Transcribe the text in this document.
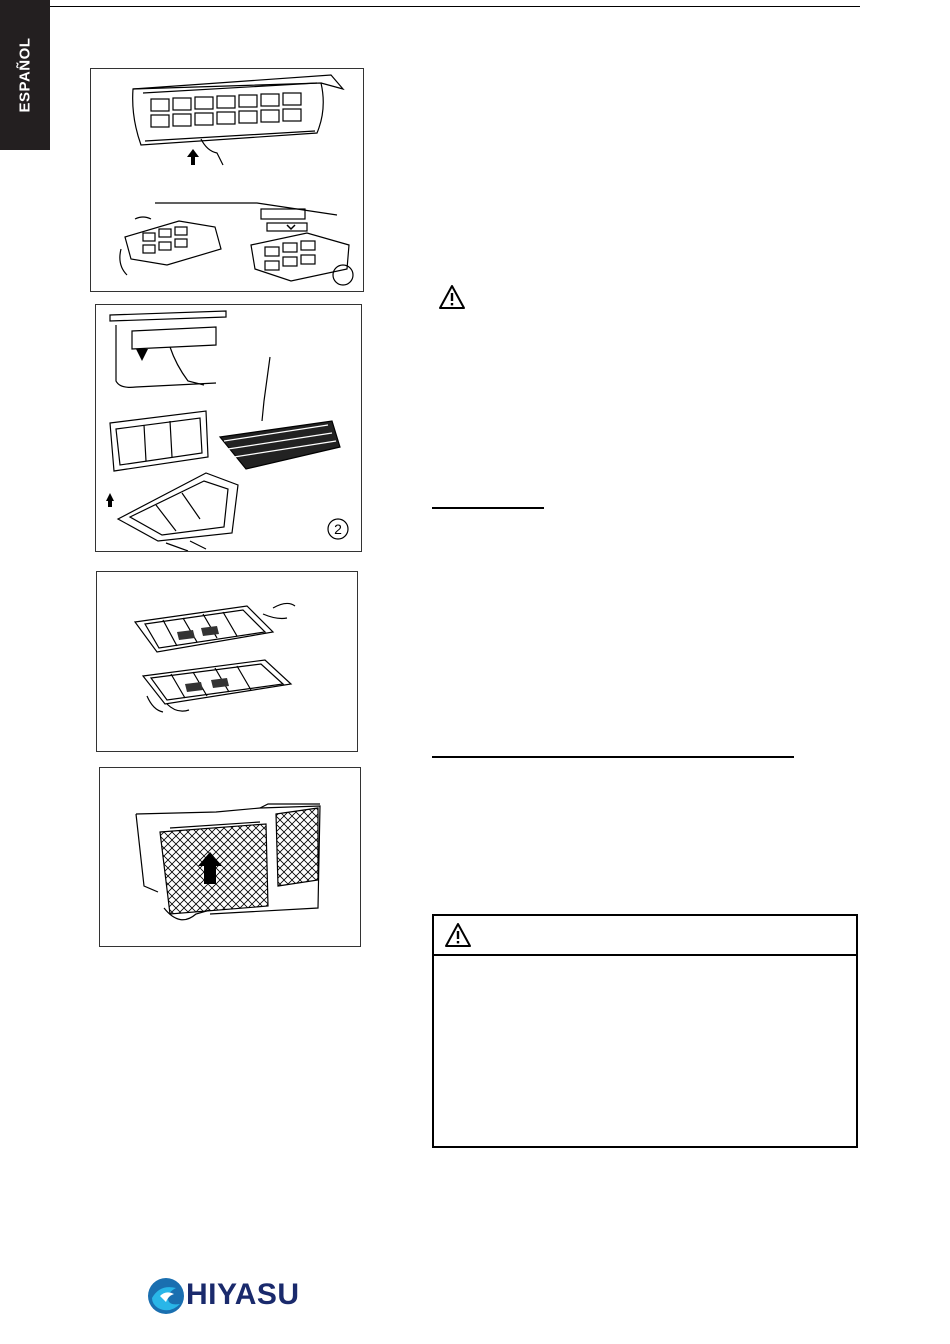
ESPAÑOL
2
HIYASU
